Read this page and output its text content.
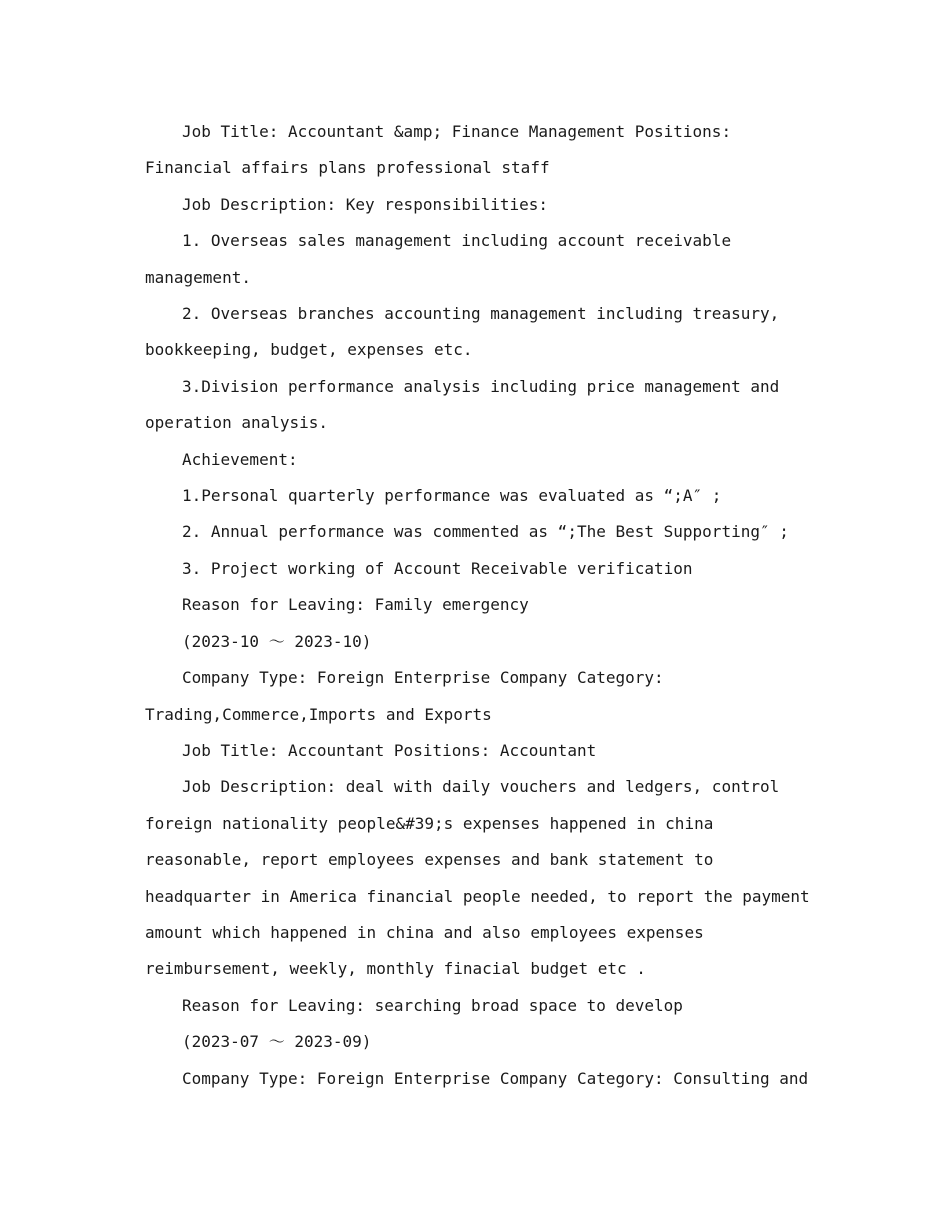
Job Title: Accountant &amp; Finance Management Positions: Financial affairs plans professional staff

Job Description: Key responsibilities:

1. Overseas sales management including account receivable management.

2. Overseas branches accounting management including treasury, bookkeeping, budget, expenses etc.

3.Division performance analysis including price management and operation analysis.

Achievement:

1.Personal quarterly performance was evaluated as “;A″ ;

2. Annual performance was commented as “;The Best Supporting″ ;

3. Project working of Account Receivable verification

Reason for Leaving: Family emergency

(2023-10 ～ 2023-10)

Company Type: Foreign Enterprise Company Category: Trading,Commerce,Imports and Exports

Job Title: Accountant Positions: Accountant

Job Description: deal with daily vouchers and ledgers, control foreign nationality people&#39;s expenses happened in china reasonable, report employees expenses and bank statement to headquarter in America financial people needed, to report the payment amount which happened in china and also employees expenses reimbursement, weekly, monthly finacial budget etc .

Reason for Leaving: searching broad space to develop

(2023-07 ～ 2023-09)

Company Type: Foreign Enterprise Company Category: Consulting and
